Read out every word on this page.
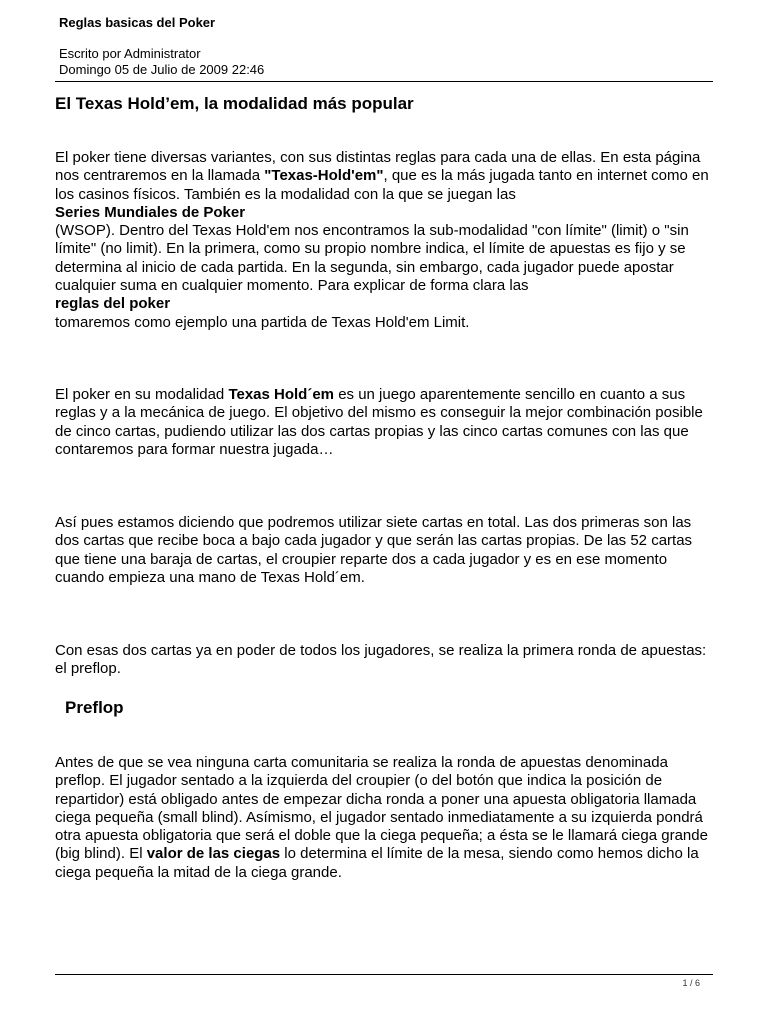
Reglas basicas del Poker
Escrito por Administrator
Domingo 05 de Julio de 2009 22:46
El Texas Hold’em, la modalidad más popular
El poker tiene diversas variantes, con sus distintas reglas para cada una de ellas. En esta página nos centraremos en la llamada "Texas-Hold'em", que es la más jugada tanto en internet como en los casinos físicos. También es la modalidad con la que se juegan las
Series Mundiales de Poker
(WSOP). Dentro del Texas Hold'em nos encontramos la sub-modalidad "con límite" (limit) o "sin límite" (no limit). En la primera, como su propio nombre indica, el límite de apuestas es fijo y se determina al inicio de cada partida. En la segunda, sin embargo, cada jugador puede apostar cualquier suma en cualquier momento. Para explicar de forma clara las
reglas del poker
tomaremos como ejemplo una partida de Texas Hold'em Limit.
El poker en su modalidad Texas Hold´em es un juego aparentemente sencillo en cuanto a sus reglas y a la mecánica de juego. El objetivo del mismo es conseguir la mejor combinación posible de cinco cartas, pudiendo utilizar las dos cartas propias y las cinco cartas comunes con las que contaremos para formar nuestra jugada…
Así pues estamos diciendo que podremos utilizar siete cartas en total. Las dos primeras son las dos cartas que recibe boca a bajo cada jugador y que serán las cartas propias. De las 52 cartas que tiene una baraja de cartas, el croupier reparte dos a cada jugador y es en ese momento cuando empieza una mano de Texas Hold´em.
Con esas dos cartas ya en poder de todos los jugadores, se realiza la primera ronda de apuestas: el preflop.
Preflop
Antes de que se vea ninguna carta comunitaria se realiza la ronda de apuestas denominada preflop. El jugador sentado a la izquierda del croupier (o del botón que indica la posición de repartidor) está obligado antes de empezar dicha ronda a poner una apuesta obligatoria llamada ciega pequeña (small blind). Asímismo, el jugador sentado inmediatamente a su izquierda pondrá otra apuesta obligatoria que será el doble que la ciega pequeña; a ésta se le llamará ciega grande (big blind). El valor de las ciegas lo determina el límite de la mesa, siendo como hemos dicho la ciega pequeña la mitad de la ciega grande.
1 / 6
